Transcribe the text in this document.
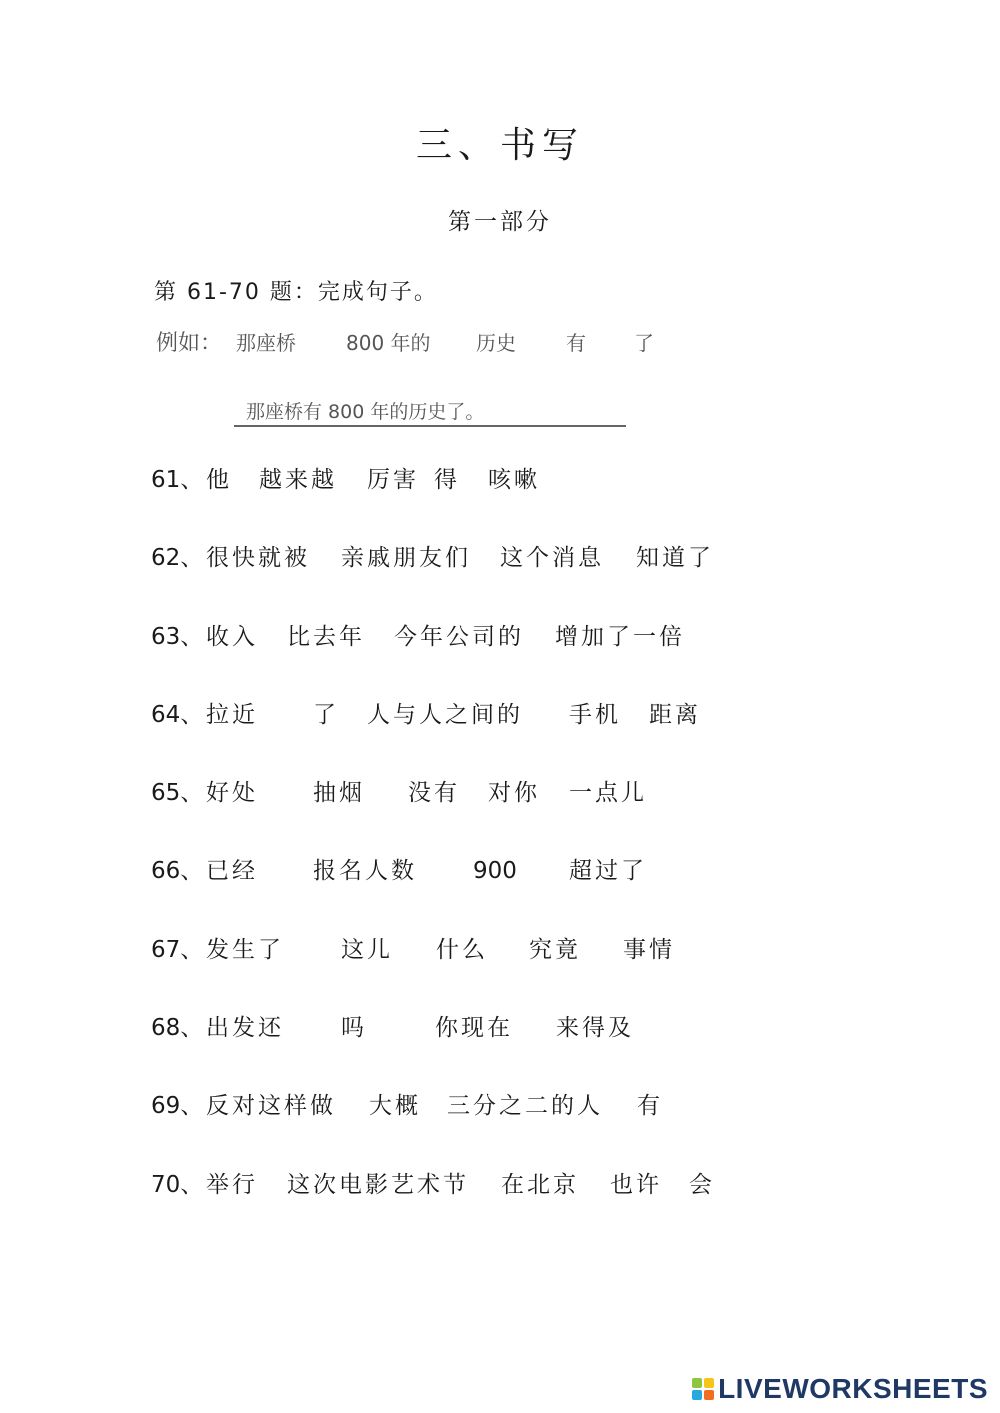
三、书写
第一部分
第 61-70 题：完成句子。
例如： 那座桥	800 年的 历史	有 了
那座桥有 800 年的历史了。
61、 他 越来越 厉害 得 咳嗽
62、 很快就被 亲戚朋友们 这个消息 知道了
63、 收入 比去年 今年公司的 增加了一倍
64、 拉近 了 人与人之间的 手机 距离
65、 好处 抽烟 没有 对你 一点儿
66、 已经 报名人数 900 超过了
67、 发生了 这儿 什么 究竟 事情
68、 出发还 吗	你现在 来得及
69、 反对这样做 大概 三分之二的人 有
70、 举行 这次电影艺术节 在北京 也许 会
LIVEWORKSHEETS
